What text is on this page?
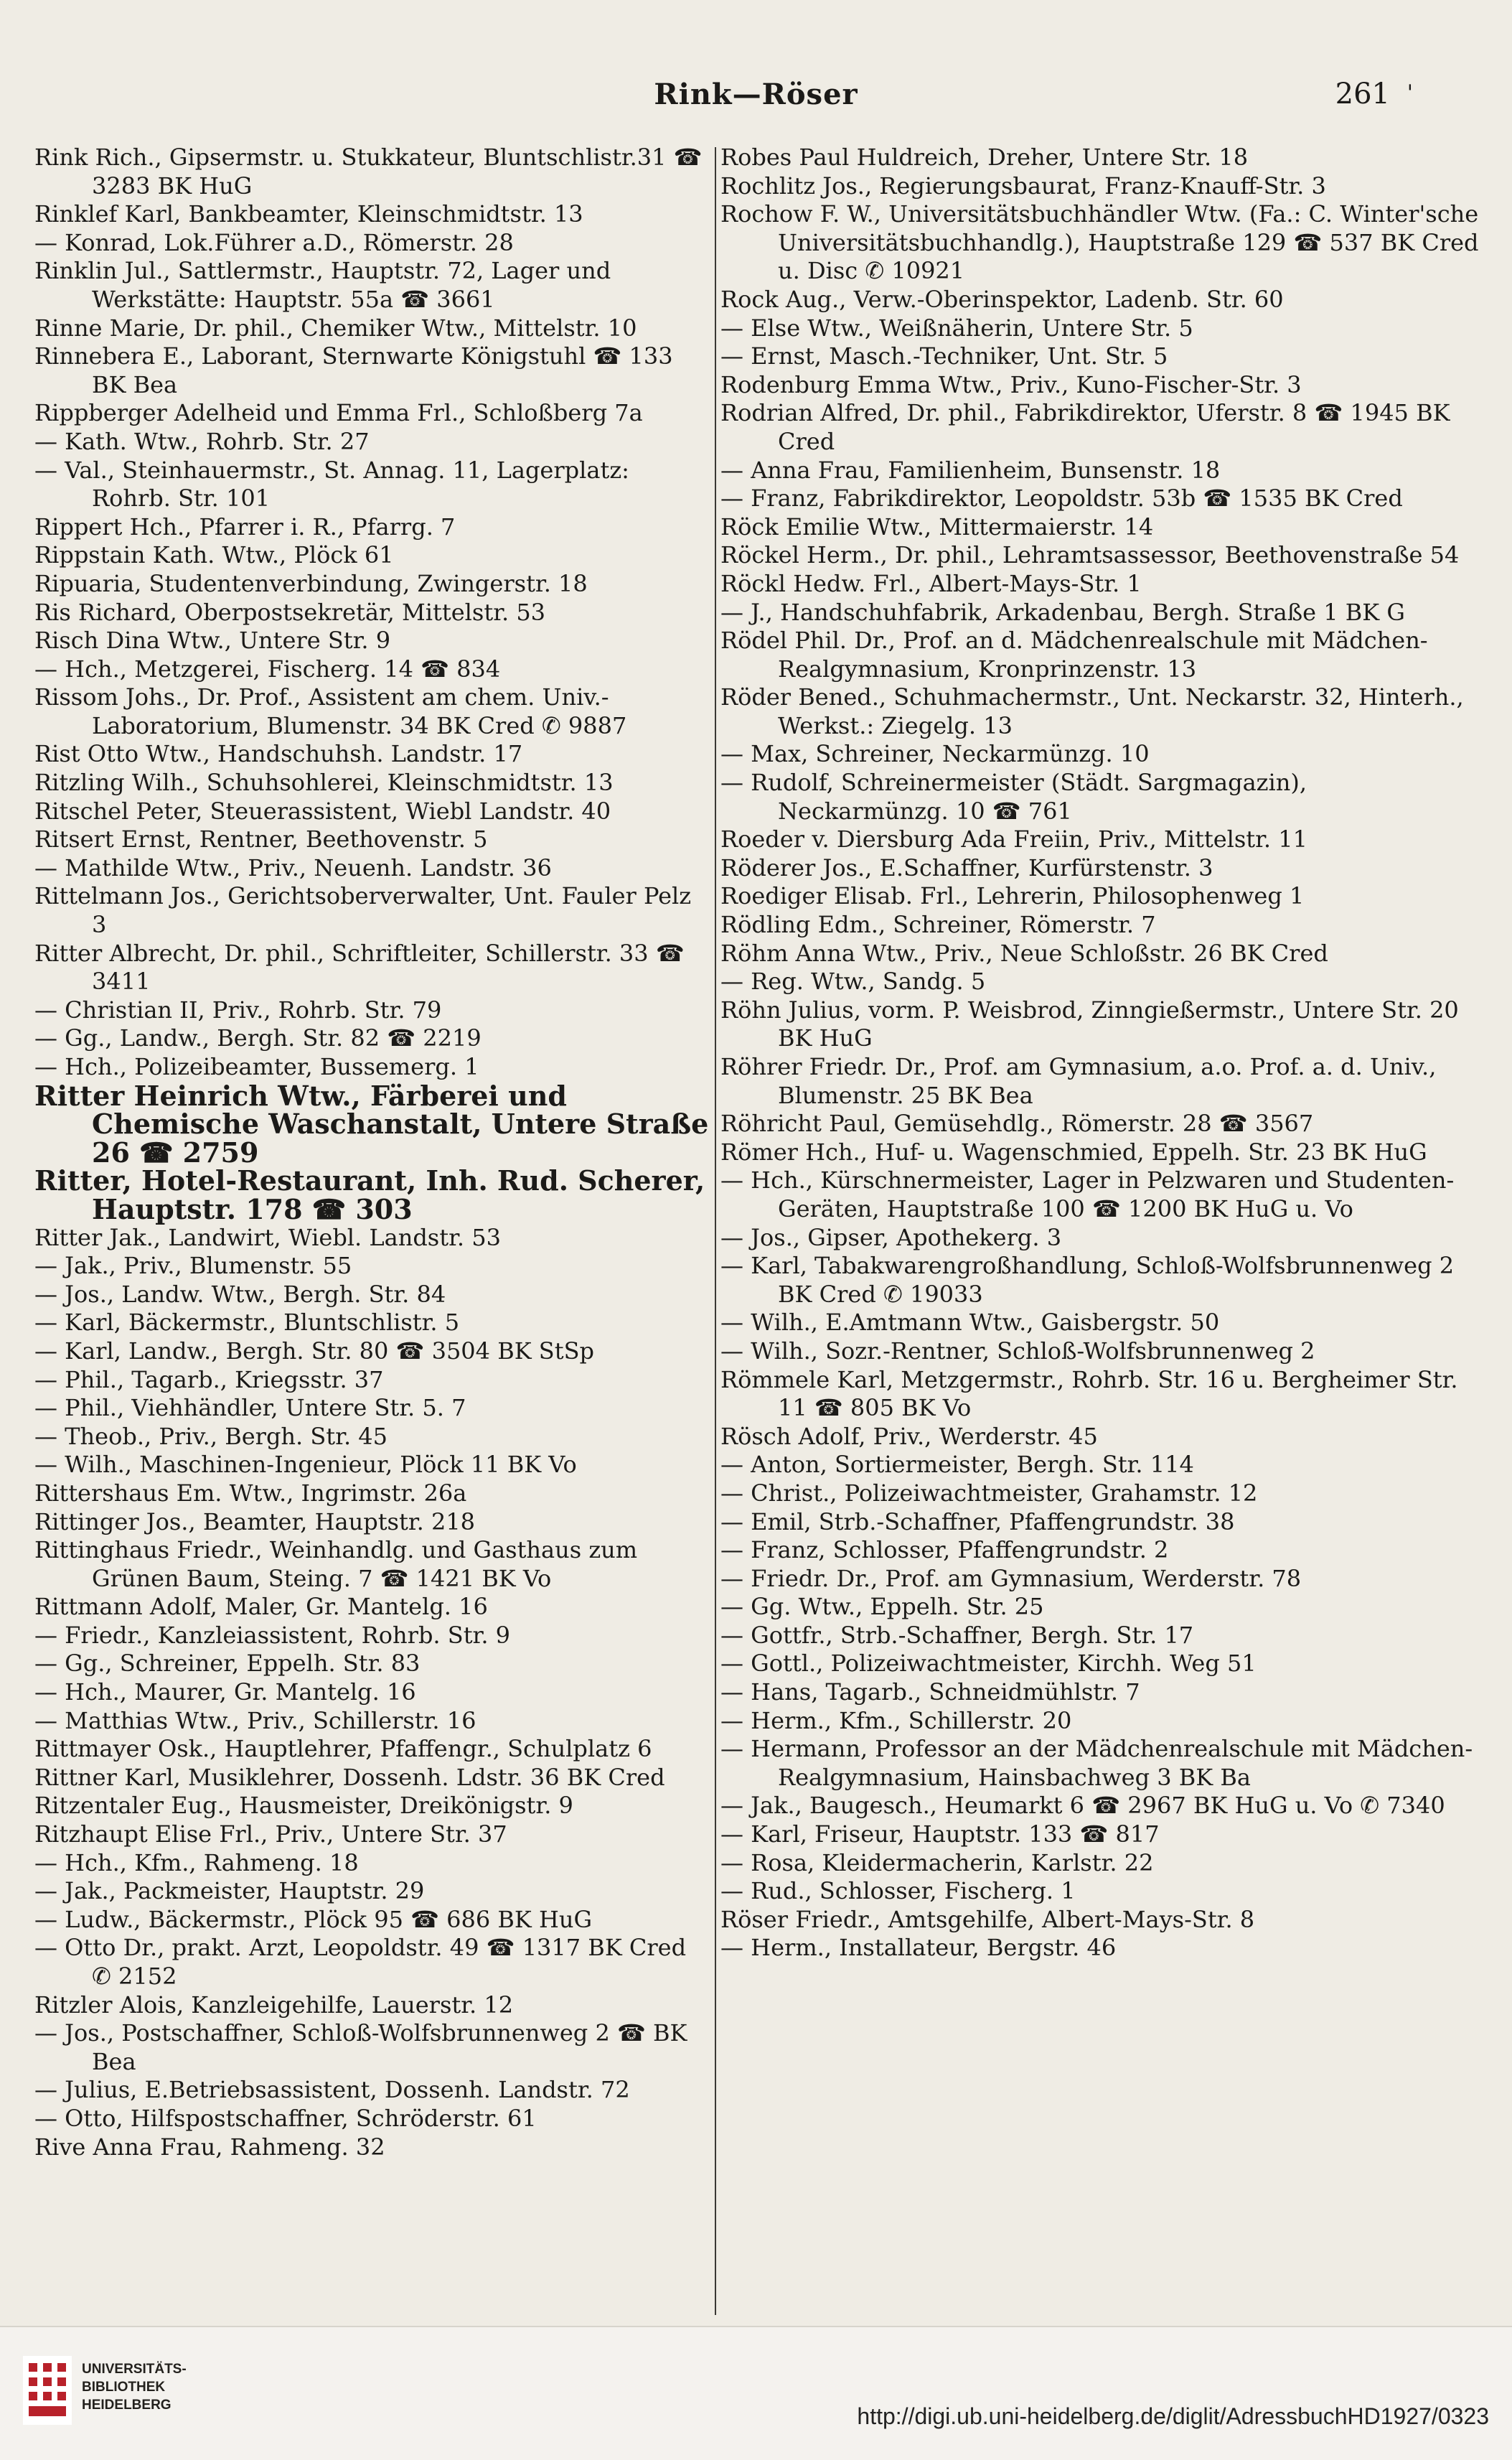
Rink—Röser	261 '
Rink Rich., Gipsermstr. u. Stukkateur, Bluntschlistr.31 ☎ 3283 BK HuG
Rinklef Karl, Bankbeamter, Kleinschmidtstr. 13
— Konrad, Lok.Führer a.D., Römerstr. 28
Rinklin Jul., Sattlermstr., Hauptstr. 72, Lager und Werkstätte: Hauptstr. 55a ☎ 3661
Rinne Marie, Dr. phil., Chemiker Wtw., Mittelstr. 10
Rinnebera E., Laborant, Sternwarte Königstuhl ☎ 133 BK Bea
Rippberger Adelheid und Emma Frl., Schloßberg 7a
— Kath. Wtw., Rohrb. Str. 27
— Val., Steinhauermstr., St. Annag. 11, Lagerplatz: Rohrb. Str. 101
Rippert Hch., Pfarrer i. R., Pfarrg. 7
Rippstain Kath. Wtw., Plöck 61
Ripuaria, Studentenverbindung, Zwingerstr. 18
Ris Richard, Oberpostsekretär, Mittelstr. 53
Risch Dina Wtw., Untere Str. 9
— Hch., Metzgerei, Fischerg. 14 ☎ 834
Rissom Johs., Dr. Prof., Assistent am chem. Univ.-Laboratorium, Blumenstr. 34 BK Cred ✆ 9887
Rist Otto Wtw., Handschuhsh. Landstr. 17
Ritzling Wilh., Schuhsohlerei, Kleinschmidtstr. 13
Ritschel Peter, Steuerassistent, Wiebl Landstr. 40
Ritsert Ernst, Rentner, Beethovenstr. 5
— Mathilde Wtw., Priv., Neuenh. Landstr. 36
Rittelmann Jos., Gerichtsoberverwalter, Unt. Fauler Pelz 3
Ritter Albrecht, Dr. phil., Schriftleiter, Schillerstr. 33 ☎ 3411
— Christian II, Priv., Rohrb. Str. 79
— Gg., Landw., Bergh. Str. 82 ☎ 2219
— Hch., Polizeibeamter, Bussemerg. 1
Ritter Heinrich Wtw., Färberei und Chemische Waschanstalt, Untere Straße 26 ☎ 2759
Ritter, Hotel-Restaurant, Inh. Rud. Scherer, Hauptstr. 178 ☎ 303
Ritter Jak., Landwirt, Wiebl. Landstr. 53
— Jak., Priv., Blumenstr. 55
— Jos., Landw. Wtw., Bergh. Str. 84
— Karl, Bäckermstr., Bluntschlistr. 5
— Karl, Landw., Bergh. Str. 80 ☎ 3504 BK StSp
— Phil., Tagarb., Kriegsstr. 37
— Phil., Viehhändler, Untere Str. 5. 7
— Theob., Priv., Bergh. Str. 45
— Wilh., Maschinen-Ingenieur, Plöck 11 BK Vo
Rittershaus Em. Wtw., Ingrimstr. 26a
Rittinger Jos., Beamter, Hauptstr. 218
Rittinghaus Friedr., Weinhandlg. und Gasthaus zum Grünen Baum, Steing. 7 ☎ 1421 BK Vo
Rittmann Adolf, Maler, Gr. Mantelg. 16
— Friedr., Kanzleiassistent, Rohrb. Str. 9
— Gg., Schreiner, Eppelh. Str. 83
— Hch., Maurer, Gr. Mantelg. 16
— Matthias Wtw., Priv., Schillerstr. 16
Rittmayer Osk., Hauptlehrer, Pfaffengr., Schulplatz 6
Rittner Karl, Musiklehrer, Dossenh. Ldstr. 36 BK Cred
Ritzentaler Eug., Hausmeister, Dreikönigstr. 9
Ritzhaupt Elise Frl., Priv., Untere Str. 37
— Hch., Kfm., Rahmeng. 18
— Jak., Packmeister, Hauptstr. 29
— Ludw., Bäckermstr., Plöck 95 ☎ 686 BK HuG
— Otto Dr., prakt. Arzt, Leopoldstr. 49 ☎ 1317 BK Cred ✆ 2152
Ritzler Alois, Kanzleigehilfe, Lauerstr. 12
— Jos., Postschaffner, Schloß-Wolfsbrunnenweg 2 ☎ BK Bea
— Julius, E.Betriebsassistent, Dossenh. Landstr. 72
— Otto, Hilfspostschaffner, Schröderstr. 61
Rive Anna Frau, Rahmeng. 32
Robes Paul Huldreich, Dreher, Untere Str. 18
Rochlitz Jos., Regierungsbaurat, Franz-Knauff-Str. 3
Rochow F. W., Universitätsbuchhändler Wtw. (Fa.: C. Winter'sche Universitätsbuchhandlg.), Hauptstraße 129 ☎ 537 BK Cred u. Disc ✆ 10921
Rock Aug., Verw.-Oberinspektor, Ladenb. Str. 60
— Else Wtw., Weißnäherin, Untere Str. 5
— Ernst, Masch.-Techniker, Unt. Str. 5
Rodenburg Emma Wtw., Priv., Kuno-Fischer-Str. 3
Rodrian Alfred, Dr. phil., Fabrikdirektor, Uferstr. 8 ☎ 1945 BK Cred
— Anna Frau, Familienheim, Bunsenstr. 18
— Franz, Fabrikdirektor, Leopoldstr. 53b ☎ 1535 BK Cred
Röck Emilie Wtw., Mittermaierstr. 14
Röckel Herm., Dr. phil., Lehramtsassessor, Beethovenstraße 54
Röckl Hedw. Frl., Albert-Mays-Str. 1
— J., Handschuhfabrik, Arkadenbau, Bergh. Straße 1 BK G
Rödel Phil. Dr., Prof. an d. Mädchenrealschule mit Mädchen-Realgymnasium, Kronprinzenstr. 13
Röder Bened., Schuhmachermstr., Unt. Neckarstr. 32, Hinterh., Werkst.: Ziegelg. 13
— Max, Schreiner, Neckarmünzg. 10
— Rudolf, Schreinermeister (Städt. Sargmagazin), Neckarmünzg. 10 ☎ 761
Roeder v. Diersburg Ada Freiin, Priv., Mittelstr. 11
Röderer Jos., E.Schaffner, Kurfürstenstr. 3
Roediger Elisab. Frl., Lehrerin, Philosophenweg 1
Rödling Edm., Schreiner, Römerstr. 7
Röhm Anna Wtw., Priv., Neue Schloßstr. 26 BK Cred
— Reg. Wtw., Sandg. 5
Röhn Julius, vorm. P. Weisbrod, Zinngießermstr., Untere Str. 20 BK HuG
Röhrer Friedr. Dr., Prof. am Gymnasium, a.o. Prof. a. d. Univ., Blumenstr. 25 BK Bea
Röhricht Paul, Gemüsehdlg., Römerstr. 28 ☎ 3567
Römer Hch., Huf- u. Wagenschmied, Eppelh. Str. 23 BK HuG
— Hch., Kürschnermeister, Lager in Pelzwaren und Studenten-Geräten, Hauptstraße 100 ☎ 1200 BK HuG u. Vo
— Jos., Gipser, Apothekerg. 3
— Karl, Tabakwarengroßhandlung, Schloß-Wolfsbrunnenweg 2 BK Cred ✆ 19033
— Wilh., E.Amtmann Wtw., Gaisbergstr. 50
— Wilh., Sozr.-Rentner, Schloß-Wolfsbrunnenweg 2
Römmele Karl, Metzgermstr., Rohrb. Str. 16 u. Bergheimer Str. 11 ☎ 805 BK Vo
Rösch Adolf, Priv., Werderstr. 45
— Anton, Sortiermeister, Bergh. Str. 114
— Christ., Polizeiwachtmeister, Grahamstr. 12
— Emil, Strb.-Schaffner, Pfaffengrundstr. 38
— Franz, Schlosser, Pfaffengrundstr. 2
— Friedr. Dr., Prof. am Gymnasium, Werderstr. 78
— Gg. Wtw., Eppelh. Str. 25
— Gottfr., Strb.-Schaffner, Bergh. Str. 17
— Gottl., Polizeiwachtmeister, Kirchh. Weg 51
— Hans, Tagarb., Schneidmühlstr. 7
— Herm., Kfm., Schillerstr. 20
— Hermann, Professor an der Mädchenrealschule mit Mädchen-Realgymnasium, Hainsbachweg 3 BK Ba
— Jak., Baugesch., Heumarkt 6 ☎ 2967 BK HuG u. Vo ✆ 7340
— Karl, Friseur, Hauptstr. 133 ☎ 817
— Rosa, Kleidermacherin, Karlstr. 22
— Rud., Schlosser, Fischerg. 1
Röser Friedr., Amtsgehilfe, Albert-Mays-Str. 8
— Herm., Installateur, Bergstr. 46
UNIVERSITÄTS-
BIBLIOTHEK
HEIDELBERG	http://digi.ub.uni-heidelberg.de/diglit/AdressbuchHD1927/0323
